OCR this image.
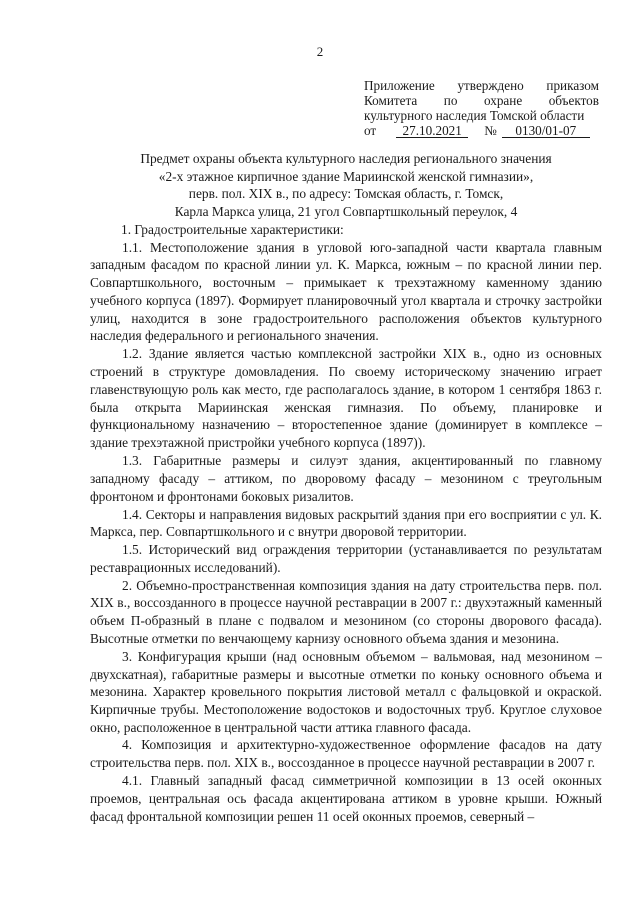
2
Приложение утверждено приказом
Комитета по охране объектов
культурного наследия Томской области
от	27.10.2021	№	0130/01-07
Предмет охраны объекта культурного наследия регионального значения
«2-х этажное кирпичное здание Мариинской женской гимназии»,
перв. пол. XIX в., по адресу: Томская область, г. Томск,
Карла Маркса улица, 21 угол Совпартшкольный переулок, 4

1. Градостроительные характеристики:

1.1. Местоположение здания в угловой юго-западной части квартала главным западным фасадом по красной линии ул. К. Маркса, южным – по красной линии пер. Совпартшкольного, восточным – примыкает к трехэтажному каменному зданию учебного корпуса (1897). Формирует планировочный угол квартала и строчку застройки улиц, находится в зоне градостроительного расположения объектов культурного наследия федерального и регионального значения.

1.2. Здание является частью комплексной застройки XIX в., одно из основных строений в структуре домовладения. По своему историческому значению играет главенствующую роль как место, где располагалось здание, в котором 1 сентября 1863 г. была открыта Мариинская женская гимназия. По объему, планировке и функциональному назначению – второстепенное здание (доминирует в комплексе – здание трехэтажной пристройки учебного корпуса (1897)).

1.3. Габаритные размеры и силуэт здания, акцентированный по главному западному фасаду – аттиком, по дворовому фасаду – мезонином с треугольным фронтоном и фронтонами боковых ризалитов.

1.4. Секторы и направления видовых раскрытий здания при его восприятии с ул. К. Маркса, пер. Совпартшкольного и с внутри дворовой территории.

1.5. Исторический вид ограждения территории (устанавливается по результатам реставрационных исследований).

2. Объемно-пространственная композиция здания на дату строительства перв. пол. XIX в., воссозданного в процессе научной реставрации в 2007 г.: двухэтажный каменный объем П-образный в плане с подвалом и мезонином (со стороны дворового фасада). Высотные отметки по венчающему карнизу основного объема здания и мезонина.

3. Конфигурация крыши (над основным объемом – вальмовая, над мезонином – двухскатная), габаритные размеры и высотные отметки по коньку основного объема и мезонина. Характер кровельного покрытия листовой металл с фальцовкой и окраской. Кирпичные трубы. Местоположение водостоков и водосточных труб. Круглое слуховое окно, расположенное в центральной части аттика главного фасада.

4. Композиция и архитектурно-художественное оформление фасадов на дату строительства перв. пол. XIX в., воссозданное в процессе научной реставрации в 2007 г.

4.1. Главный западный фасад симметричной композиции в 13 осей оконных проемов, центральная ось фасада акцентирована аттиком в уровне крыши. Южный фасад фронтальной композиции решен 11 осей оконных проемов, северный –
